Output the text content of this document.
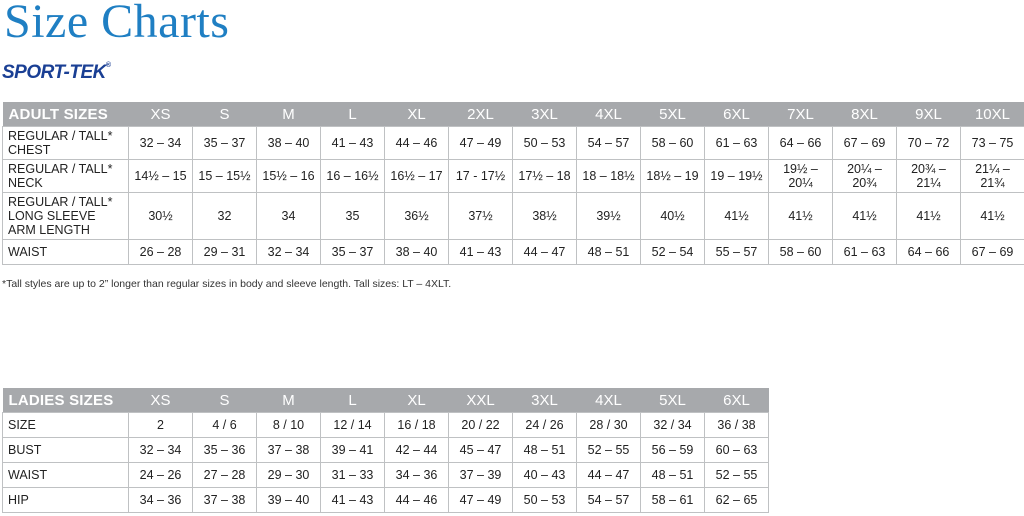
Size Charts
SPORT-TEK®
ADULT SIZES	XS	S	M	L	XL	2XL	3XL	4XL	5XL	6XL	7XL	8XL	9XL	10XL

REGULAR / TALL*
CHEST	32 – 34	35 – 37	38 – 40	41 – 43	44 – 46	47 – 49	50 – 53	54 – 57	58 – 60	61 – 63	64 – 66	67 – 69	70 – 72	73 – 75

REGULAR / TALL*
NECK	14½ – 15	15 – 15½	15½ – 16	16 – 16½	16½ – 17	17 - 17½	17½ – 18	18 – 18½	18½ – 19	19 – 19½	19½ – 20¼	20¼ – 20¾	20¾ – 21¼	21¼ – 21¾

REGULAR / TALL*
LONG SLEEVE
ARM LENGTH	30½	32	34	35	36½	37½	38½	39½	40½	41½	41½	41½	41½	41½

WAIST	26 – 28	29 – 31	32 – 34	35 – 37	38 – 40	41 – 43	44 – 47	48 – 51	52 – 54	55 – 57	58 – 60	61 – 63	64 – 66	67 – 69
*Tall styles are up to 2” longer than regular sizes in body and sleeve length. Tall sizes: LT – 4XLT.
LADIES SIZES	XS	S	M	L	XL	XXL	3XL	4XL	5XL	6XL

SIZE	2	4 / 6	8 / 10	12 / 14	16 / 18	20 / 22	24 / 26	28 / 30	32 / 34	36 / 38

BUST	32 – 34	35 – 36	37 – 38	39 – 41	42 – 44	45 – 47	48 – 51	52 – 55	56 – 59	60 – 63

WAIST	24 – 26	27 – 28	29 – 30	31 – 33	34 – 36	37 – 39	40 – 43	44 – 47	48 – 51	52 – 55

HIP	34 – 36	37 – 38	39 – 40	41 – 43	44 – 46	47 – 49	50 – 53	54 – 57	58 – 61	62 – 65
